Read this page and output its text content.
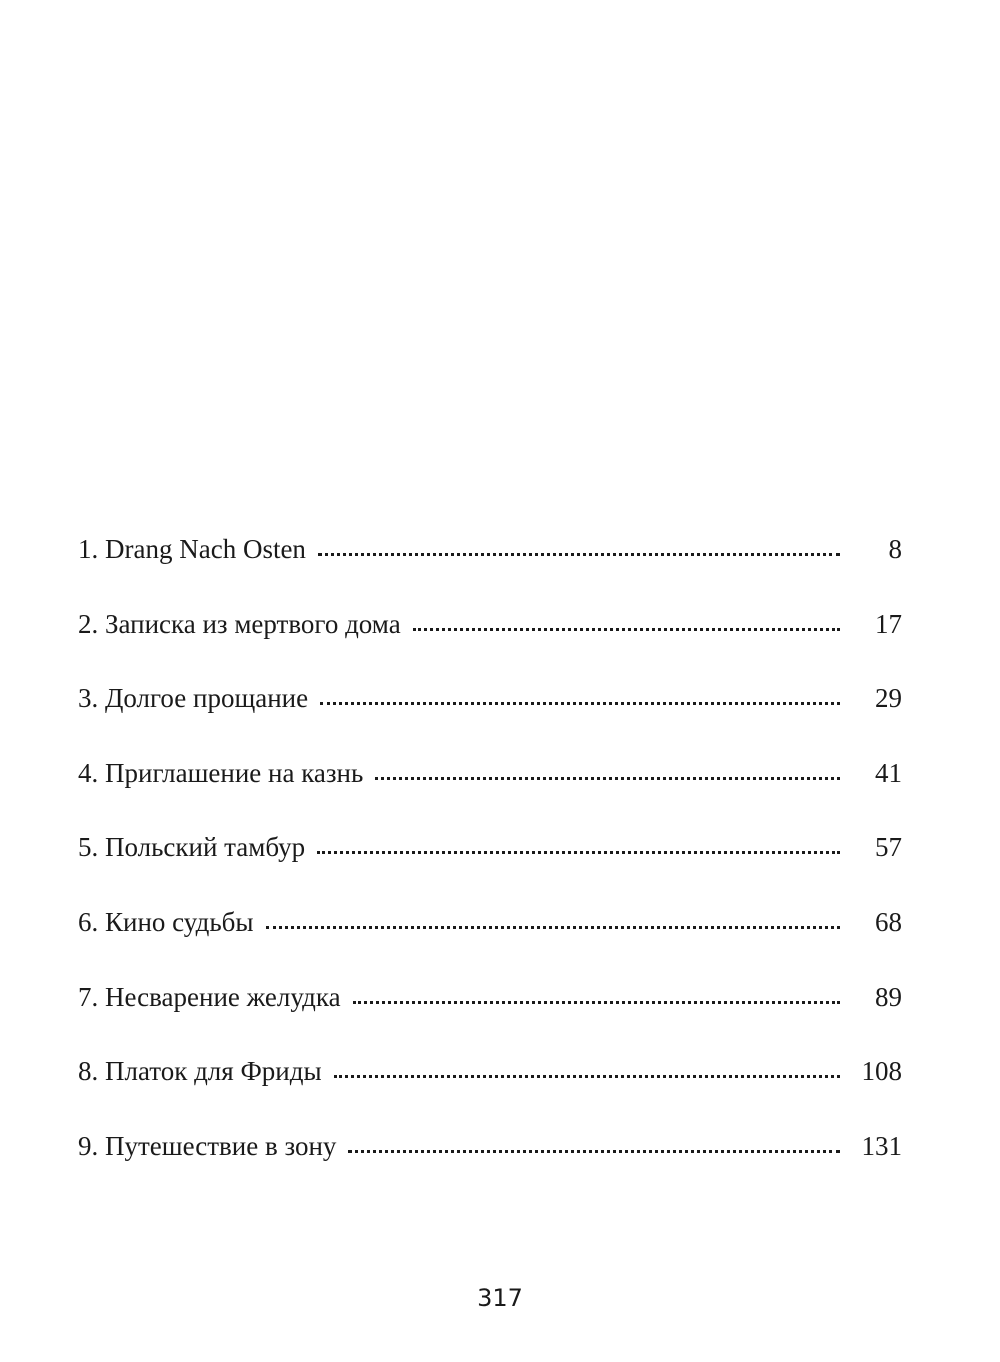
1. Drang Nach Osten	8
2. Записка из мертвого дома	17
3. Долгое прощание	29
4. Приглашение на казнь	41
5. Польский тамбур	57
6. Кино судьбы	68
7. Несварение желудка	89
8. Платок для Фриды	108
9. Путешествие в зону	131
317
